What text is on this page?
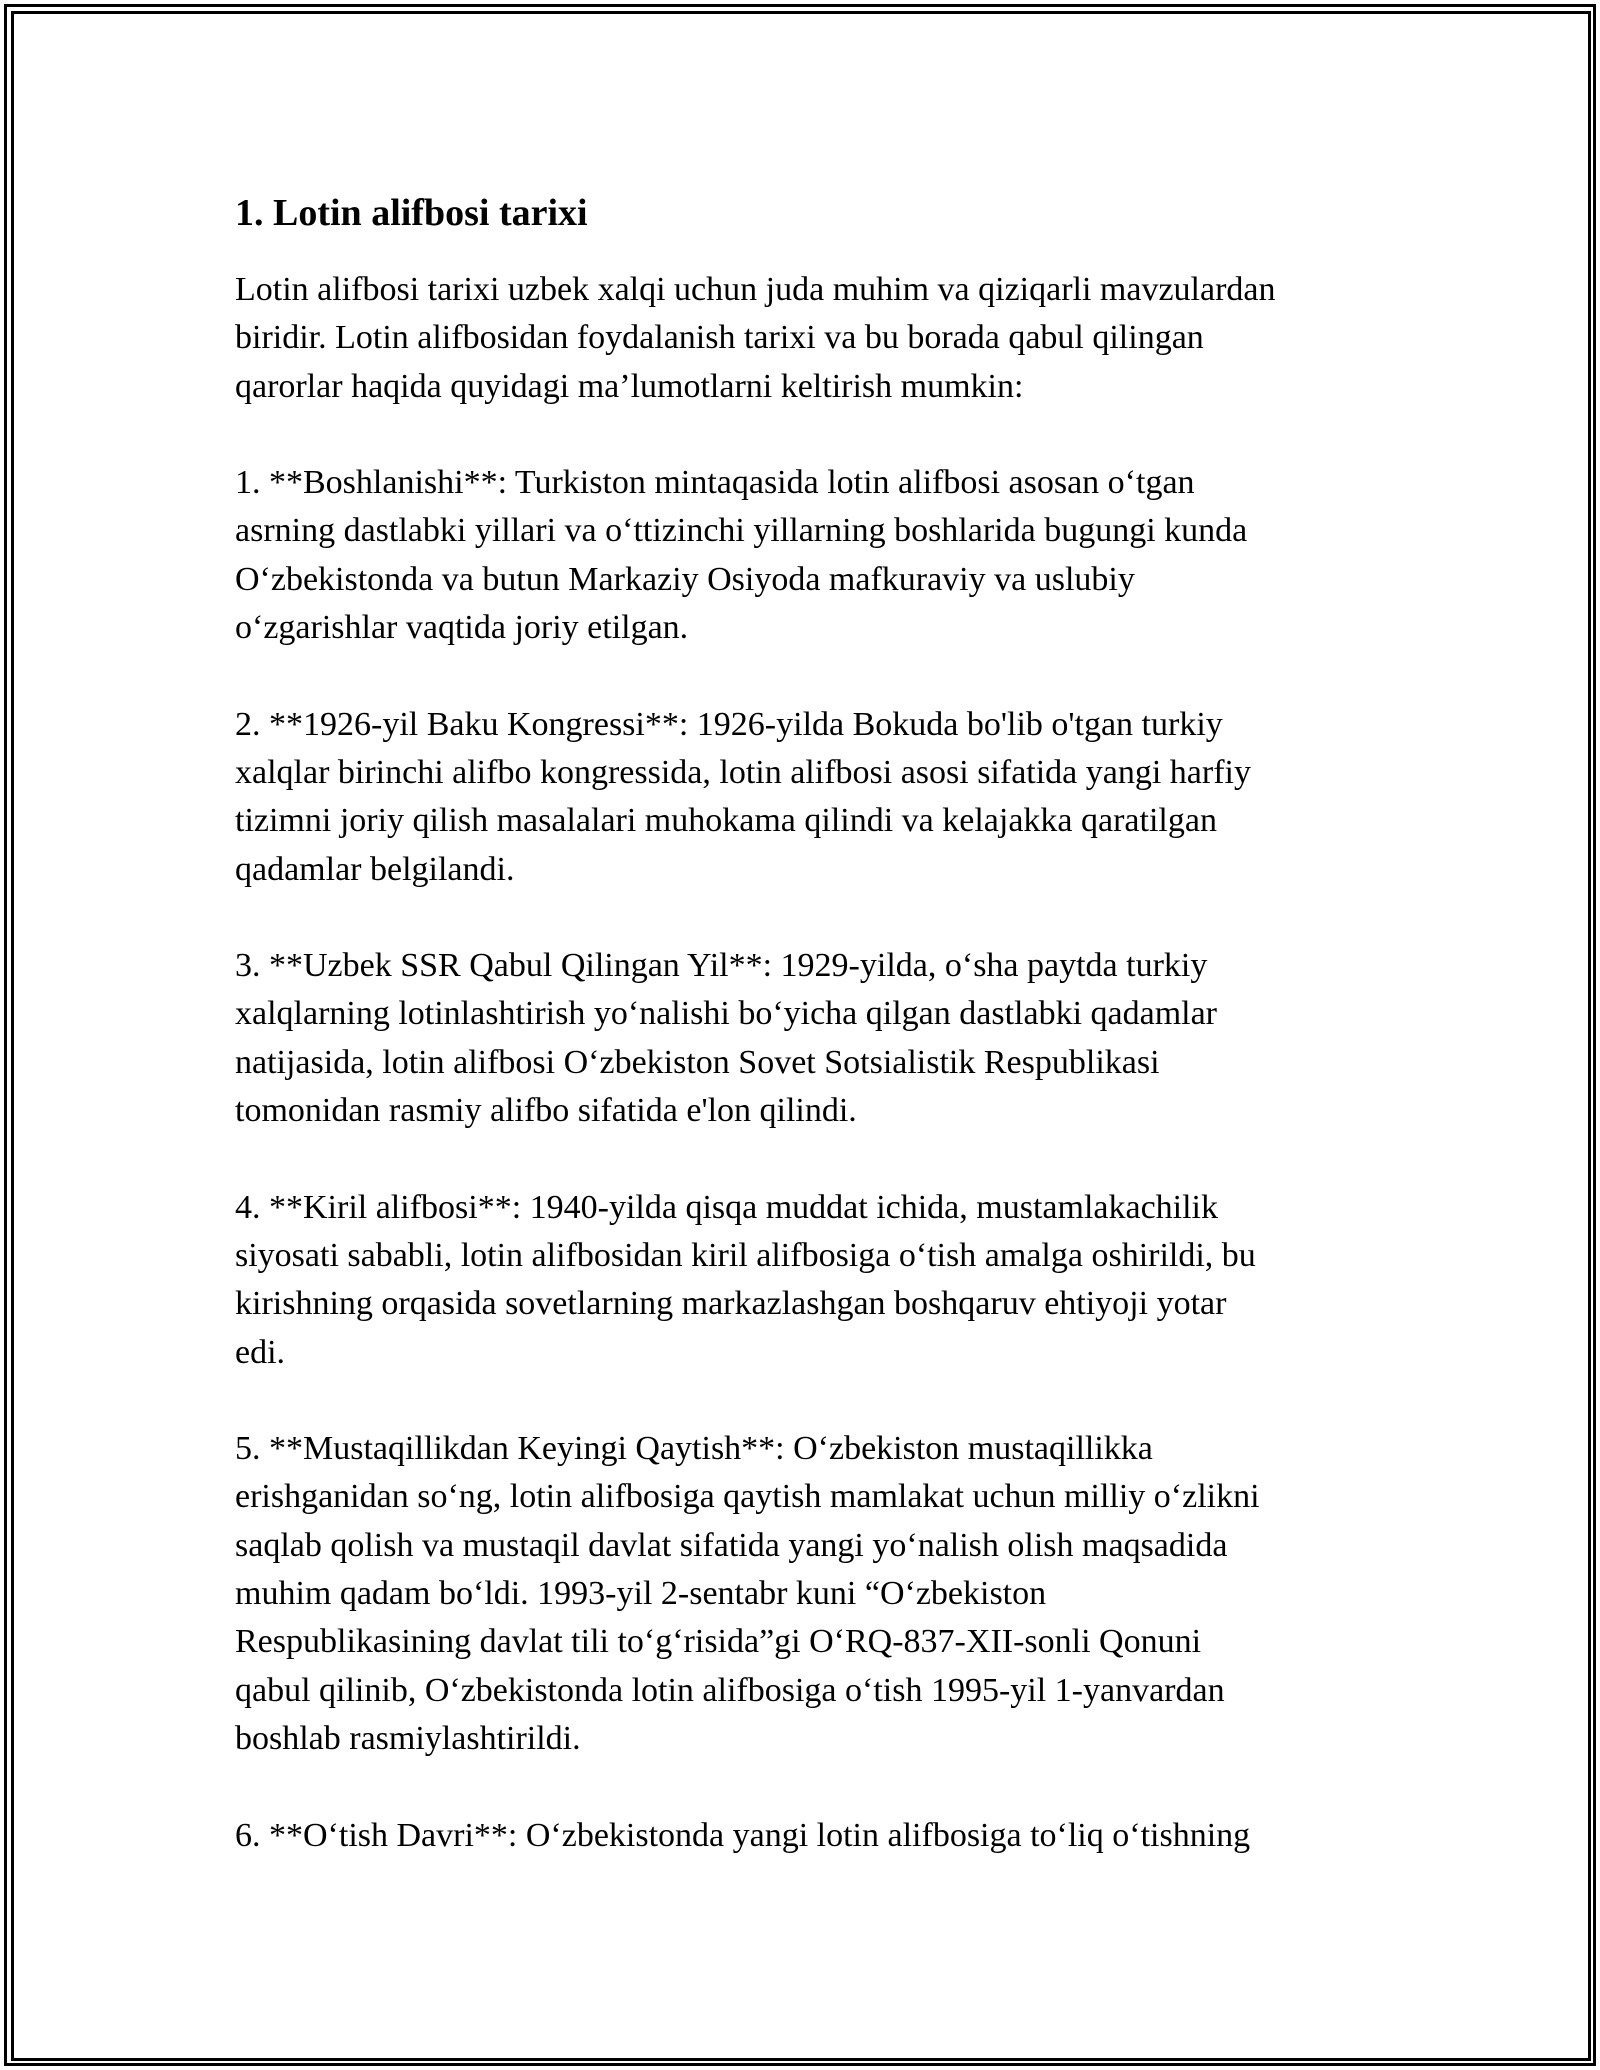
1. Lotin alifbosi tarixi

Lotin alifbosi tarixi uzbek xalqi uchun juda muhim va qiziqarli mavzulardan
biridir. Lotin alifbosidan foydalanish tarixi va bu borada qabul qilingan
qarorlar haqida quyidagi ma’lumotlarni keltirish mumkin:

1. **Boshlanishi**: Turkiston mintaqasida lotin alifbosi asosan o‘tgan
asrning dastlabki yillari va o‘ttizinchi yillarning boshlarida bugungi kunda
O‘zbekistonda va butun Markaziy Osiyoda mafkuraviy va uslubiy
o‘zgarishlar vaqtida joriy etilgan.

2. **1926-yil Baku Kongressi**: 1926-yilda Bokuda bo'lib o'tgan turkiy
xalqlar birinchi alifbo kongressida, lotin alifbosi asosi sifatida yangi harfiy
tizimni joriy qilish masalalari muhokama qilindi va kelajakka qaratilgan
qadamlar belgilandi.

3. **Uzbek SSR Qabul Qilingan Yil**: 1929-yilda, o‘sha paytda turkiy
xalqlarning lotinlashtirish yo‘nalishi bo‘yicha qilgan dastlabki qadamlar
natijasida, lotin alifbosi O‘zbekiston Sovet Sotsialistik Respublikasi
tomonidan rasmiy alifbo sifatida e'lon qilindi.

4. **Kiril alifbosi**: 1940-yilda qisqa muddat ichida, mustamlakachilik
siyosati sababli, lotin alifbosidan kiril alifbosiga o‘tish amalga oshirildi, bu
kirishning orqasida sovetlarning markazlashgan boshqaruv ehtiyoji yotar
edi.

5. **Mustaqillikdan Keyingi Qaytish**: O‘zbekiston mustaqillikka
erishganidan so‘ng, lotin alifbosiga qaytish mamlakat uchun milliy o‘zlikni
saqlab qolish va mustaqil davlat sifatida yangi yo‘nalish olish maqsadida
muhim qadam bo‘ldi. 1993-yil 2-sentabr kuni “O‘zbekiston
Respublikasining davlat tili to‘g‘risida”gi O‘RQ-837-XII-sonli Qonuni
qabul qilinib, O‘zbekistonda lotin alifbosiga o‘tish 1995-yil 1-yanvardan
boshlab rasmiylashtirildi.

6. **O‘tish Davri**: O‘zbekistonda yangi lotin alifbosiga to‘liq o‘tishning
